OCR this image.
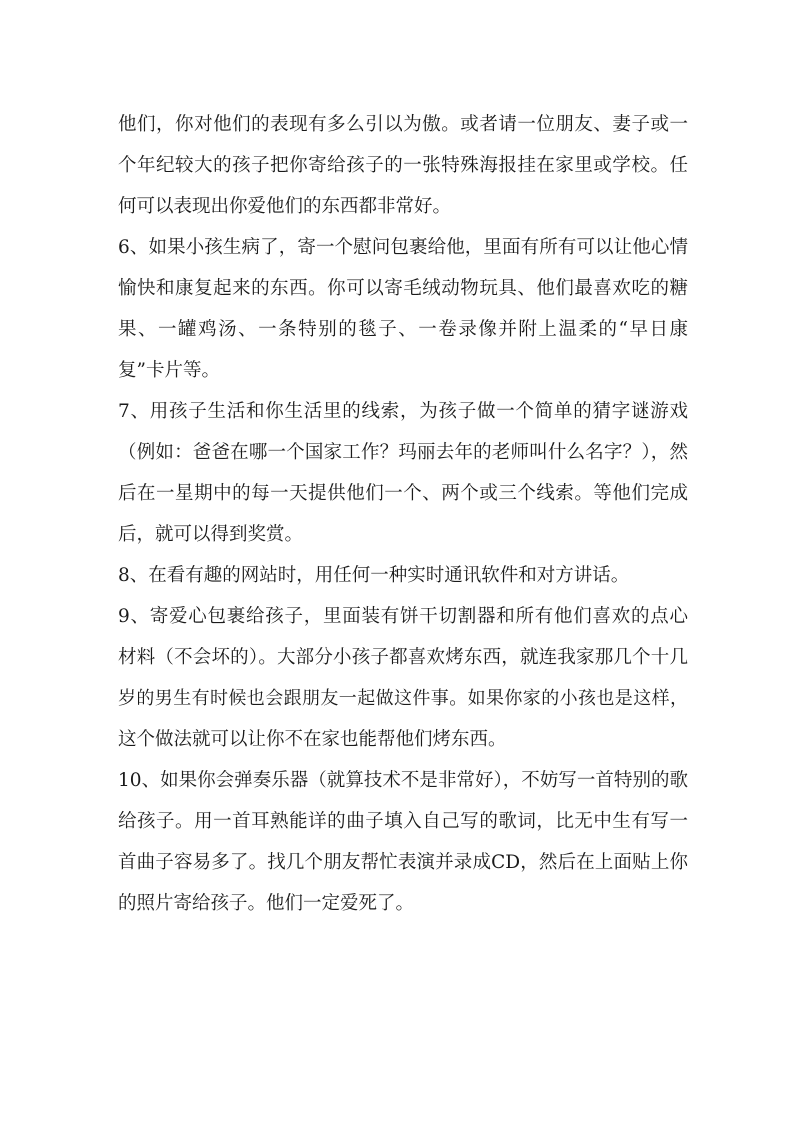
他们，你对他们的表现有多么引以为傲。或者请一位朋友、妻子或一
个年纪较大的孩子把你寄给孩子的一张特殊海报挂在家里或学校。任
何可以表现出你爱他们的东西都非常好。
6、如果小孩生病了，寄一个慰问包裹给他，里面有所有可以让他心情
愉快和康复起来的东西。你可以寄毛绒动物玩具、他们最喜欢吃的糖
果、一罐鸡汤、一条特别的毯子、一卷录像并附上温柔的“早日康
复”卡片等。
7、用孩子生活和你生活里的线索，为孩子做一个简单的猜字谜游戏
（例如：爸爸在哪一个国家工作？玛丽去年的老师叫什么名字？），然
后在一星期中的每一天提供他们一个、两个或三个线索。等他们完成
后，就可以得到奖赏。
8、在看有趣的网站时，用任何一种实时通讯软件和对方讲话。
9、寄爱心包裹给孩子，里面装有饼干切割器和所有他们喜欢的点心
材料（不会坏的）。大部分小孩子都喜欢烤东西，就连我家那几个十几
岁的男生有时候也会跟朋友一起做这件事。如果你家的小孩也是这样，
这个做法就可以让你不在家也能帮他们烤东西。
10、如果你会弹奏乐器（就算技术不是非常好），不妨写一首特别的歌
给孩子。用一首耳熟能详的曲子填入自己写的歌词，比无中生有写一
首曲子容易多了。找几个朋友帮忙表演并录成CD，然后在上面贴上你
的照片寄给孩子。他们一定爱死了。
